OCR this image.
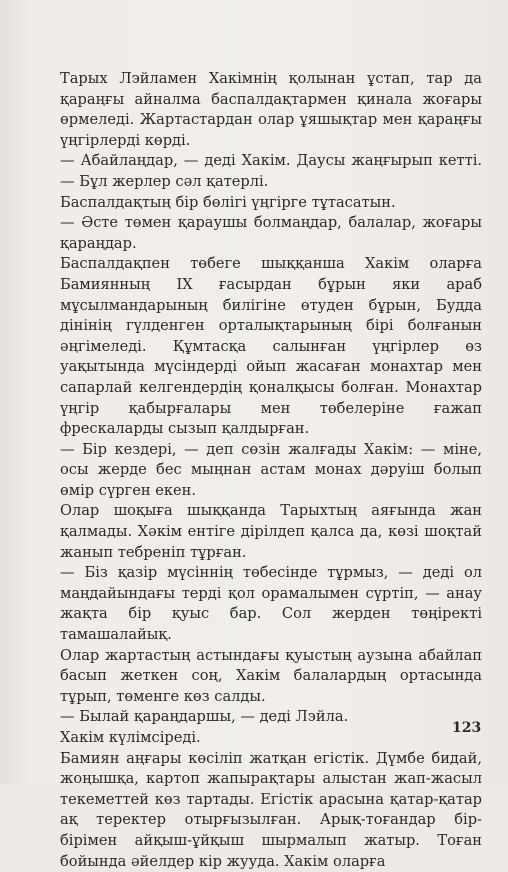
Тарых Лэйламен Хакімнің қолынан ұстап, тар да қараңғы айналма баспалдақтармен қинала жоғары өрмеледі. Жартастардан олар ұяшықтар мен қараңғы үңгірлерді көрді.

— Абайлаңдар, — деді Хакім. Даусы жаңғырып кетті. — Бұл жерлер сәл қатерлі.

Баспалдақтың бір бөлігі үңгірге тұтасатын.

— Әсте төмен қараушы болмаңдар, балалар, жоғары қараңдар.

Баспалдақпен төбеге шыққанша Хакім оларға Бамиянның IX ғасырдан бұрын яки араб мұсылмандарының билігіне өтуден бұрын, Будда дінінің гүлденген орталықтарының бірі болғанын әңгімеледі. Құмтасқа салынған үңгірлер өз уақытында мүсіндерді ойып жасаған монахтар мен сапарлай келгендердің қоналқысы болған. Монахтар үңгір қабырғалары мен төбелеріне ғажап фрескаларды сызып қалдырған.

— Бір кездері, — деп сөзін жалғады Хакім: — міне, осы жерде бес мыңнан астам монах дәруіш болып өмір сүрген екен.

Олар шоқыға шыққанда Тарыхтың аяғында жан қалмады. Хәкім ентіге дірілдеп қалса да, көзі шоқтай жанып тебреніп тұрған.

— Біз қазір мүсіннің төбесінде тұрмыз, — деді ол маңдайындағы терді қол орамалымен сүртіп, — анау жақта бір қуыс бар. Сол жерден төңіректі тамашалайық.

Олар жартастың астындағы қуыстың аузына абайлап басып жеткен соң, Хакім балалардың ортасында тұрып, төменге көз салды.

— Былай қараңдаршы, — деді Лэйла.

Хакім күлімсіреді.

Бамиян аңғары көсіліп жатқан егістік. Дүмбе бидай, жоңышқа, картоп жапырақтары алыстан жап-жасыл текеметтей көз тартады. Егістік арасына қатар-қатар ақ теректер отырғызылған. Арық-тоғандар бір-бірімен айқыш-ұйқыш шырмалып жатыр. Тоған бойында әйелдер кір жууда. Хакім оларға

123
